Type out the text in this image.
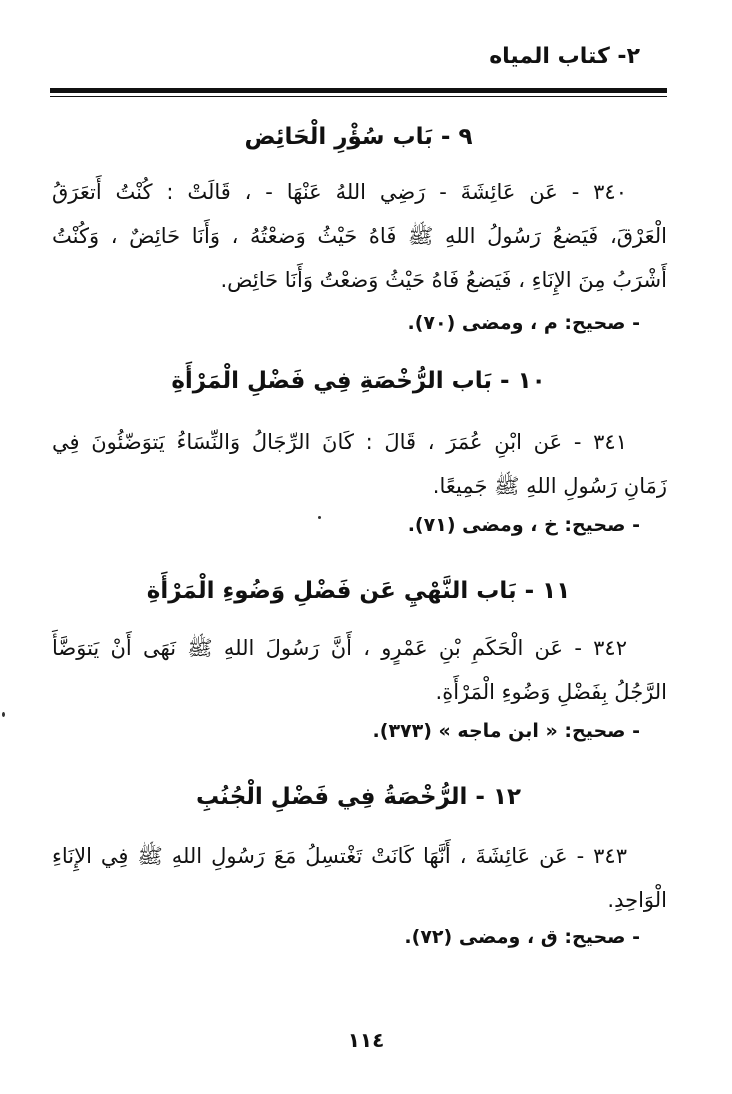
٢- كتاب المياه
٩ - بَاب سُؤْرِ الْحَائِض
٣٤٠ - عَن عَائِشَةَ - رَضِي اللهُ عَنْهَا - ، قَالَتْ : كُنْتُ أَتعَرَقُ
الْعَرْقَ، فَيَضعُ رَسُولُ اللهِ ﷺ فَاهُ حَيْثُ وَضعْتُهُ ، وَأَنَا حَائِضٌ ، وَكُنْتُ
أَشْرَبُ مِنَ الإِنَاءِ ، فَيَضعُ فَاهُ حَيْثُ وَضعْتُ وَأَنَا حَائِض.
- صحيح: م ، ومضى (٧٠).
١٠ - بَاب الرُّخْصَةِ فِي فَضْلِ الْمَرْأَةِ
٣٤١ - عَن ابْنِ عُمَرَ ، قَالَ : كَانَ الرِّجَالُ وَالنِّسَاءُ يَتوَضّئُونَ فِي
زَمَانِ رَسُولِ اللهِ ﷺ جَمِيعًا.
- صحيح: خ ، ومضى (٧١).
١١ - بَاب النَّهْيِ عَن فَضْلِ وَضُوءِ الْمَرْأَةِ
٣٤٢ - عَن الْحَكَمِ بْنِ عَمْرٍو ، أَنَّ رَسُولَ اللهِ ﷺ نَهَى أَنْ يَتوَضَّأَ
الرَّجُلُ بِفَضْلِ وَضُوءِ الْمَرْأَةِ.
- صحيح: « ابن ماجه » (٣٧٣).
١٢ - الرُّخْصَةُ فِي فَضْلِ الْجُنُبِ
٣٤٣ - عَن عَائِشَةَ ، أَنَّهَا كَانَتْ تَغْتسِلُ مَعَ رَسُولِ اللهِ ﷺ فِي الإِنَاءِ
الْوَاحِدِ.
- صحيح: ق ، ومضى (٧٢).
١١٤
